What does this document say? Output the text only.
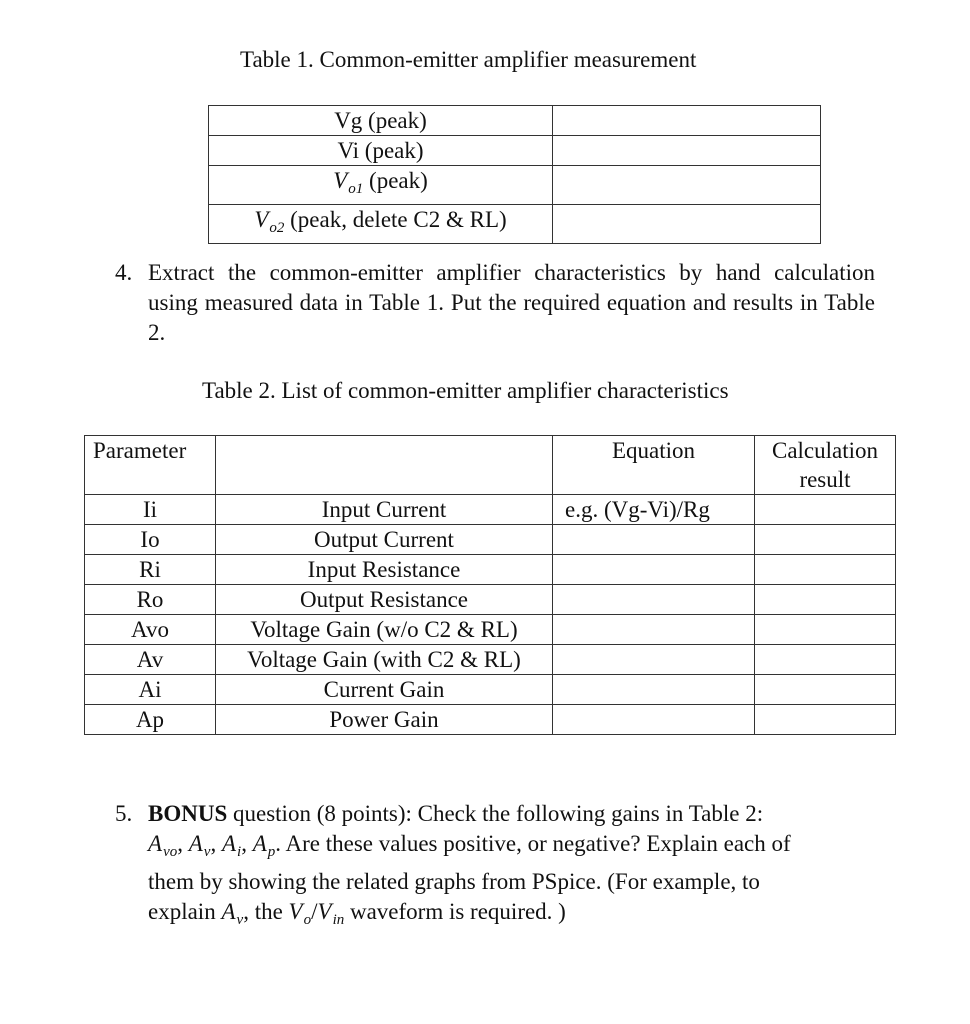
Table 1. Common-emitter amplifier measurement
Vg (peak)	
Vi (peak)	
$V_{o1}$ (peak)	
$V_{o2}$ (peak, delete C2 & RL)	
4. Extract the common-emitter amplifier characteristics by hand calculation using measured data in Table 1. Put the required equation and results in Table 2.
Table 2. List of common-emitter amplifier characteristics
Parameter		Equation	Calculation result
Ii	Input Current	e.g. (Vg-Vi)/Rg	
Io	Output Current		
Ri	Input Resistance		
Ro	Output Resistance		
Avo	Voltage Gain (w/o C2 & RL)		
Av	Voltage Gain (with C2 & RL)		
Ai	Current Gain		
Ap	Power Gain		
5. BONUS question (8 points): Check the following gains in Table 2:
$A_{vo}$, $A_v$, $A_i$, $A_p$. Are these values positive, or negative? Explain each of
them by showing the related graphs from PSpice. (For example, to
explain $A_v$, the $V_o/V_{in}$ waveform is required. )
